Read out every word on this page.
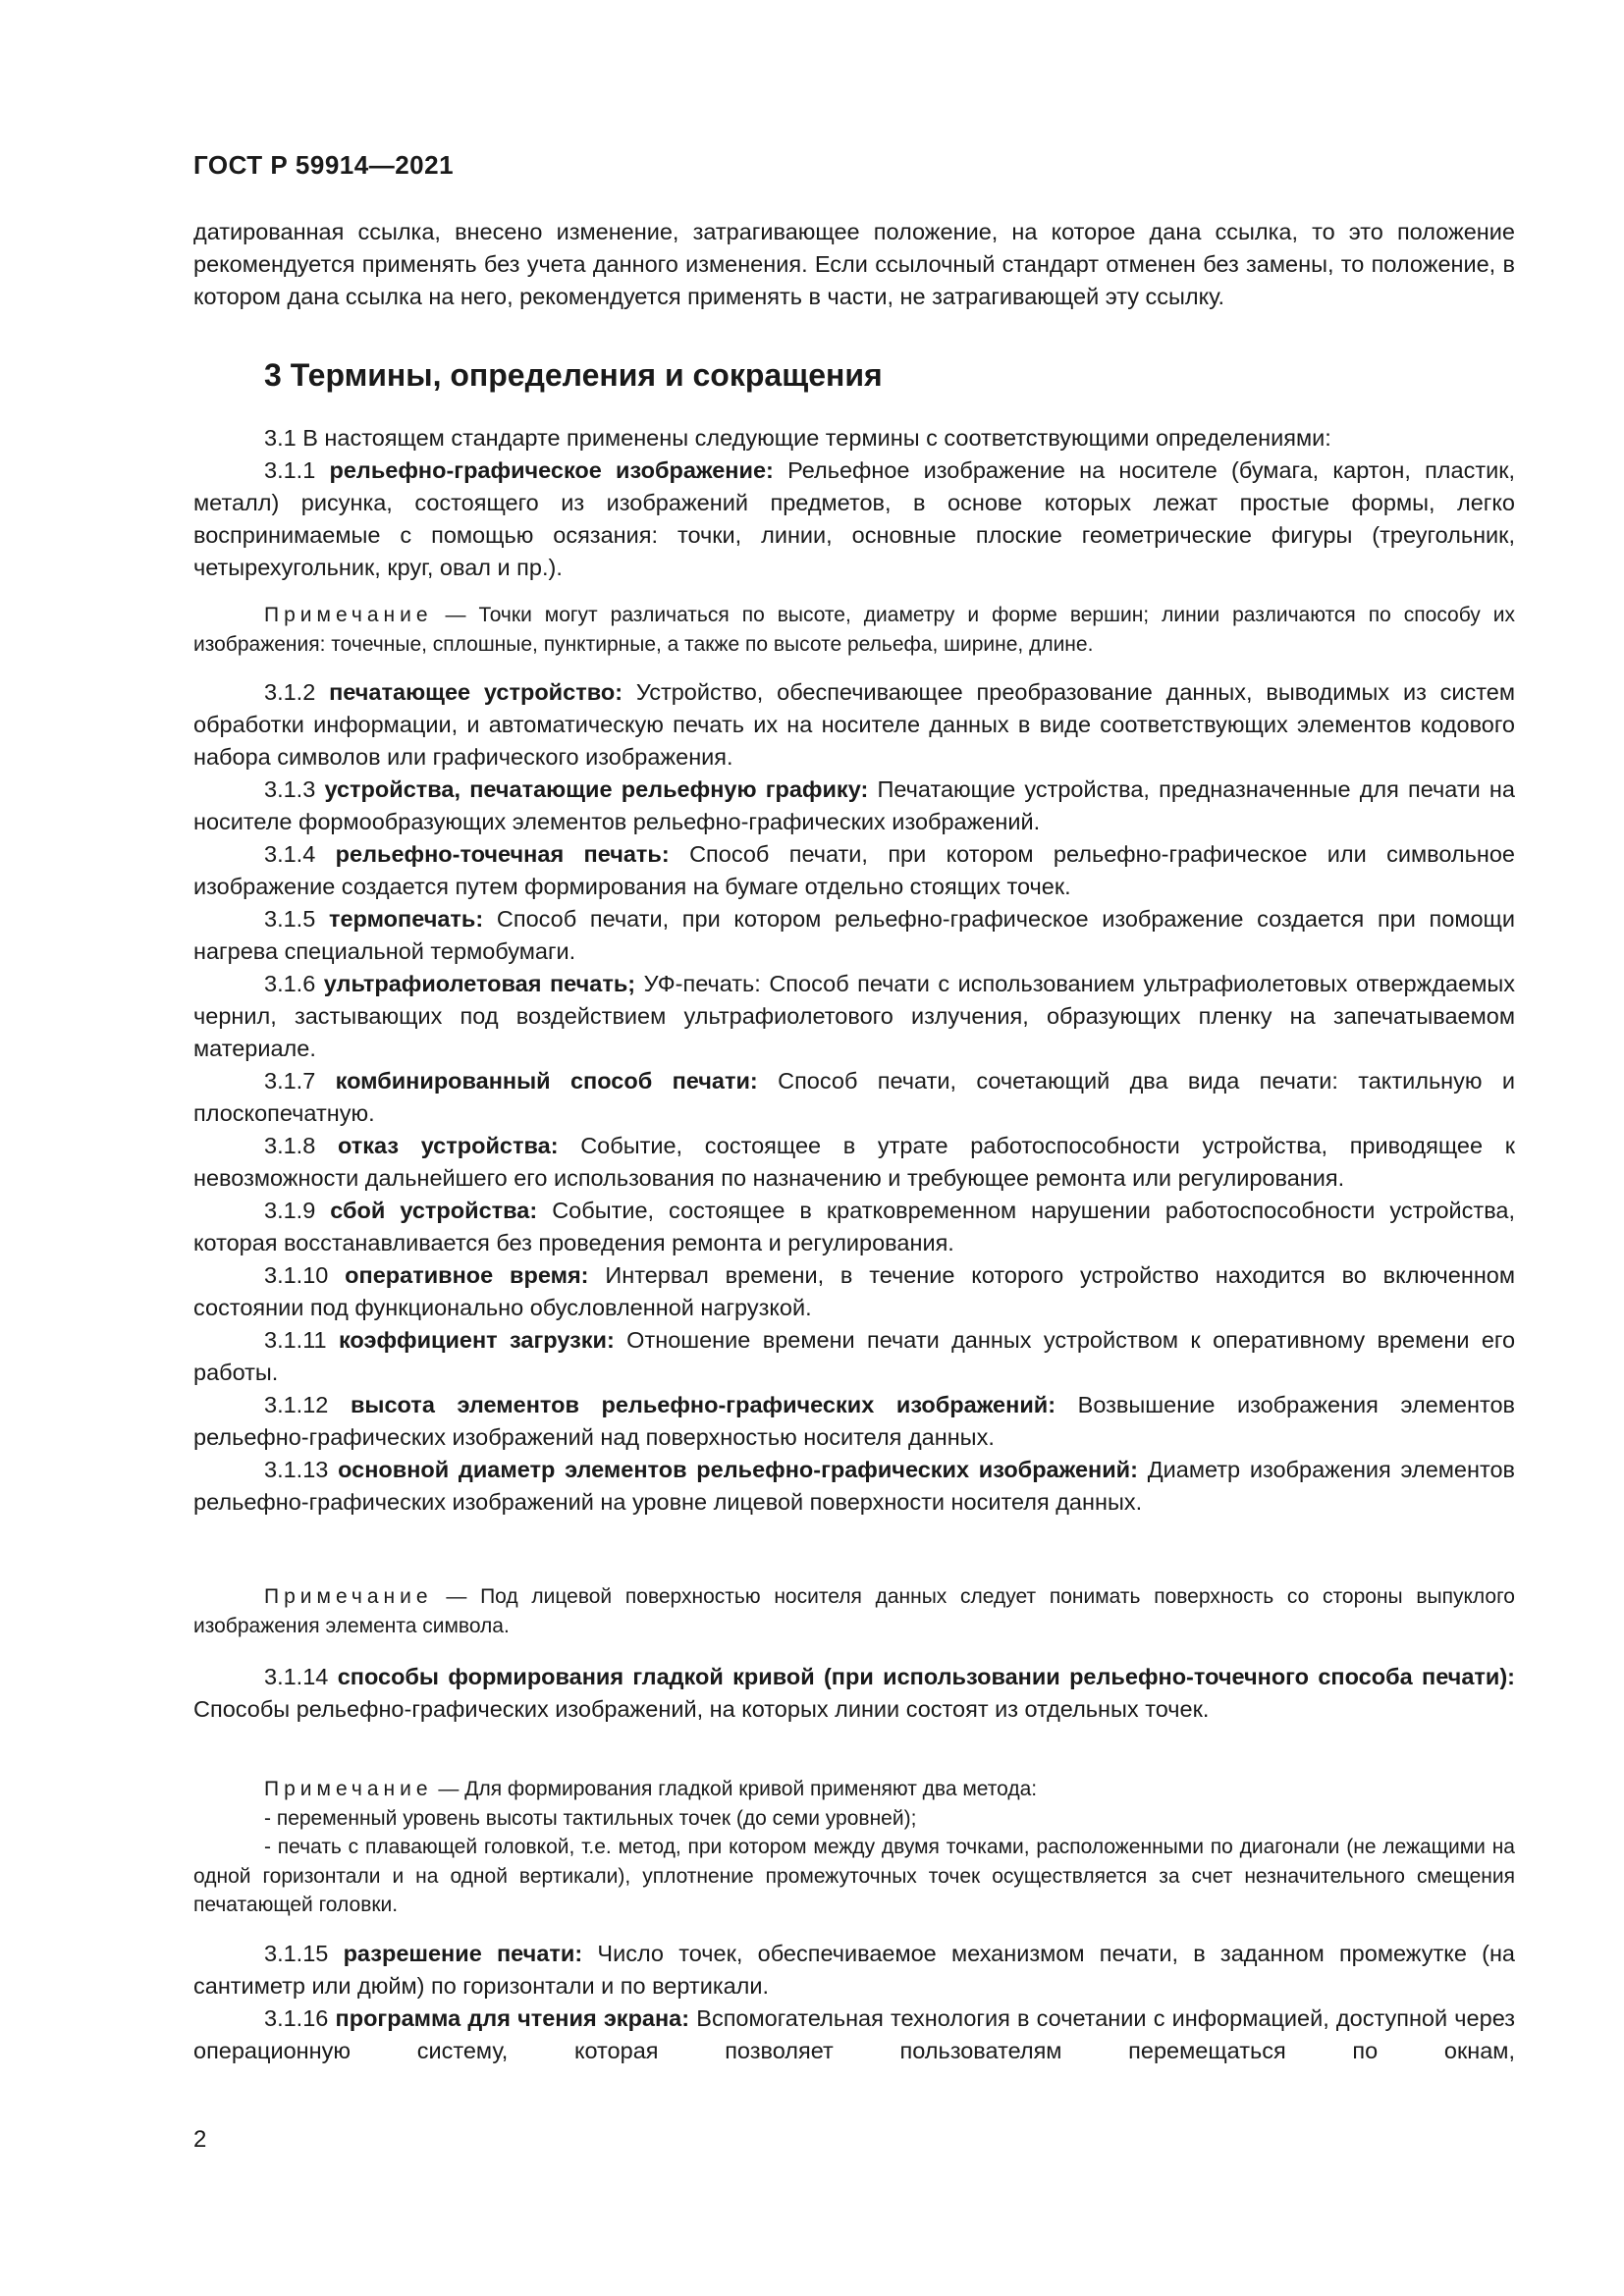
ГОСТ Р 59914—2021

датированная ссылка, внесено изменение, затрагивающее положение, на которое дана ссылка, то это положение рекомендуется применять без учета данного изменения. Если ссылочный стандарт отменен без замены, то положение, в котором дана ссылка на него, рекомендуется применять в части, не затрагивающей эту ссылку.

3 Термины, определения и сокращения

3.1 В настоящем стандарте применены следующие термины с соответствующими определениями:

3.1.1 рельефно-графическое изображение: Рельефное изображение на носителе (бумага, картон, пластик, металл) рисунка, состоящего из изображений предметов, в основе которых лежат простые формы, легко воспринимаемые с помощью осязания: точки, линии, основные плоские геометрические фигуры (треугольник, четырехугольник, круг, овал и пр.).

Примечание — Точки могут различаться по высоте, диаметру и форме вершин; линии различаются по способу их изображения: точечные, сплошные, пунктирные, а также по высоте рельефа, ширине, длине.

3.1.2 печатающее устройство: Устройство, обеспечивающее преобразование данных, выводимых из систем обработки информации, и автоматическую печать их на носителе данных в виде соответствующих элементов кодового набора символов или графического изображения.

3.1.3 устройства, печатающие рельефную графику: Печатающие устройства, предназначенные для печати на носителе формообразующих элементов рельефно-графических изображений.

3.1.4 рельефно-точечная печать: Способ печати, при котором рельефно-графическое или символьное изображение создается путем формирования на бумаге отдельно стоящих точек.

3.1.5 термопечать: Способ печати, при котором рельефно-графическое изображение создается при помощи нагрева специальной термобумаги.

3.1.6 ультрафиолетовая печать; УФ-печать: Способ печати с использованием ультрафиолетовых отверждаемых чернил, застывающих под воздействием ультрафиолетового излучения, образующих пленку на запечатываемом материале.

3.1.7 комбинированный способ печати: Способ печати, сочетающий два вида печати: тактильную и плоскопечатную.

3.1.8 отказ устройства: Событие, состоящее в утрате работоспособности устройства, приводящее к невозможности дальнейшего его использования по назначению и требующее ремонта или регулирования.

3.1.9 сбой устройства: Событие, состоящее в кратковременном нарушении работоспособности устройства, которая восстанавливается без проведения ремонта и регулирования.

3.1.10 оперативное время: Интервал времени, в течение которого устройство находится во включенном состоянии под функционально обусловленной нагрузкой.

3.1.11 коэффициент загрузки: Отношение времени печати данных устройством к оперативному времени его работы.

3.1.12 высота элементов рельефно-графических изображений: Возвышение изображения элементов рельефно-графических изображений над поверхностью носителя данных.

3.1.13 основной диаметр элементов рельефно-графических изображений: Диаметр изображения элементов рельефно-графических изображений на уровне лицевой поверхности носителя данных.

Примечание — Под лицевой поверхностью носителя данных следует понимать поверхность со стороны выпуклого изображения элемента символа.

3.1.14 способы формирования гладкой кривой (при использовании рельефно-точечного способа печати): Способы рельефно-графических изображений, на которых линии состоят из отдельных точек.

Примечание — Для формирования гладкой кривой применяют два метода:

- переменный уровень высоты тактильных точек (до семи уровней);

- печать с плавающей головкой, т.е. метод, при котором между двумя точками, расположенными по диагонали (не лежащими на одной горизонтали и на одной вертикали), уплотнение промежуточных точек осуществляется за счет незначительного смещения печатающей головки.

3.1.15 разрешение печати: Число точек, обеспечиваемое механизмом печати, в заданном промежутке (на сантиметр или дюйм) по горизонтали и по вертикали.

3.1.16 программа для чтения экрана: Вспомогательная технология в сочетании с информацией, доступной через операционную систему, которая позволяет пользователям перемещаться по окнам,

2
